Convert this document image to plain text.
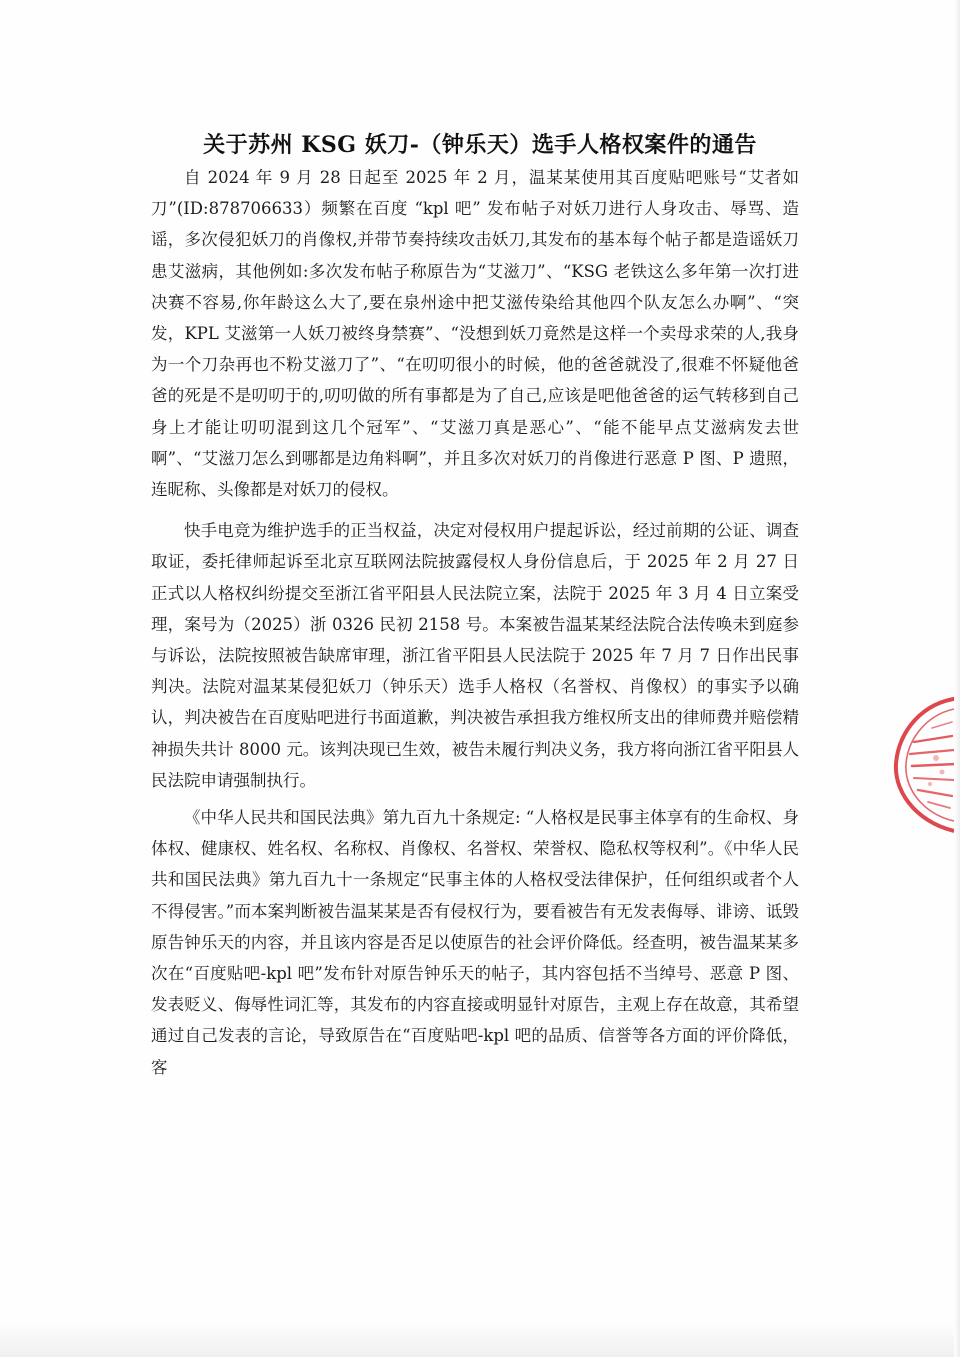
关于苏州 KSG 妖刀-（钟乐天）选手人格权案件的通告

自 2024 年 9 月 28 日起至 2025 年 2 月，温某某使用其百度贴吧账号“艾者如刀”(ID:878706633）频繁在百度 “kpl 吧” 发布帖子对妖刀进行人身攻击、辱骂、造谣，多次侵犯妖刀的肖像权,并带节奏持续攻击妖刀,其发布的基本每个帖子都是造谣妖刀患艾滋病，其他例如:多次发布帖子称原告为“艾滋刀”、“KSG 老铁这么多年第一次打进决赛不容易,你年龄这么大了,要在泉州途中把艾滋传染给其他四个队友怎么办啊”、“突发，KPL 艾滋第一人妖刀被终身禁赛”、“没想到妖刀竟然是这样一个卖母求荣的人,我身为一个刀杂再也不粉艾滋刀了”、“在叨叨很小的时候，他的爸爸就没了,很难不怀疑他爸爸的死是不是叨叨于的,叨叨做的所有事都是为了自己,应该是吧他爸爸的运气转移到自己身上才能让叨叨混到这几个冠军”、“艾滋刀真是恶心”、“能不能早点艾滋病发去世啊”、“艾滋刀怎么到哪都是边角料啊”，并且多次对妖刀的肖像进行恶意 P 图、P 遗照，连昵称、头像都是对妖刀的侵权。

快手电竞为维护选手的正当权益，决定对侵权用户提起诉讼，经过前期的公证、调查取证，委托律师起诉至北京互联网法院披露侵权人身份信息后，于 2025 年 2 月 27 日正式以人格权纠纷提交至浙江省平阳县人民法院立案，法院于 2025 年 3 月 4 日立案受理，案号为（2025）浙 0326 民初 2158 号。本案被告温某某经法院合法传唤未到庭参与诉讼，法院按照被告缺席审理，浙江省平阳县人民法院于 2025 年 7 月 7 日作出民事判决。法院对温某某侵犯妖刀（钟乐天）选手人格权（名誉权、肖像权）的事实予以确认，判决被告在百度贴吧进行书面道歉，判决被告承担我方维权所支出的律师费并赔偿精神损失共计 8000 元。该判决现已生效，被告未履行判决义务，我方将向浙江省平阳县人民法院申请强制执行。

《中华人民共和国民法典》第九百九十条规定: “人格权是民事主体享有的生命权、身体权、健康权、姓名权、名称权、肖像权、名誉权、荣誉权、隐私权等权利”。《中华人民共和国民法典》第九百九十一条规定“民事主体的人格权受法律保护，任何组织或者个人不得侵害。”而本案判断被告温某某是否有侵权行为，要看被告有无发表侮辱、诽谤、诋毁原告钟乐天的内容，并且该内容是否足以使原告的社会评价降低。经查明，被告温某某多次在“百度贴吧-kpl 吧”发布针对原告钟乐天的帖子，其内容包括不当绰号、恶意 P 图、发表贬义、侮辱性词汇等，其发布的内容直接或明显针对原告，主观上存在故意，其希望通过自己发表的言论，导致原告在“百度贴吧-kpl 吧的品质、信誉等各方面的评价降低，客
